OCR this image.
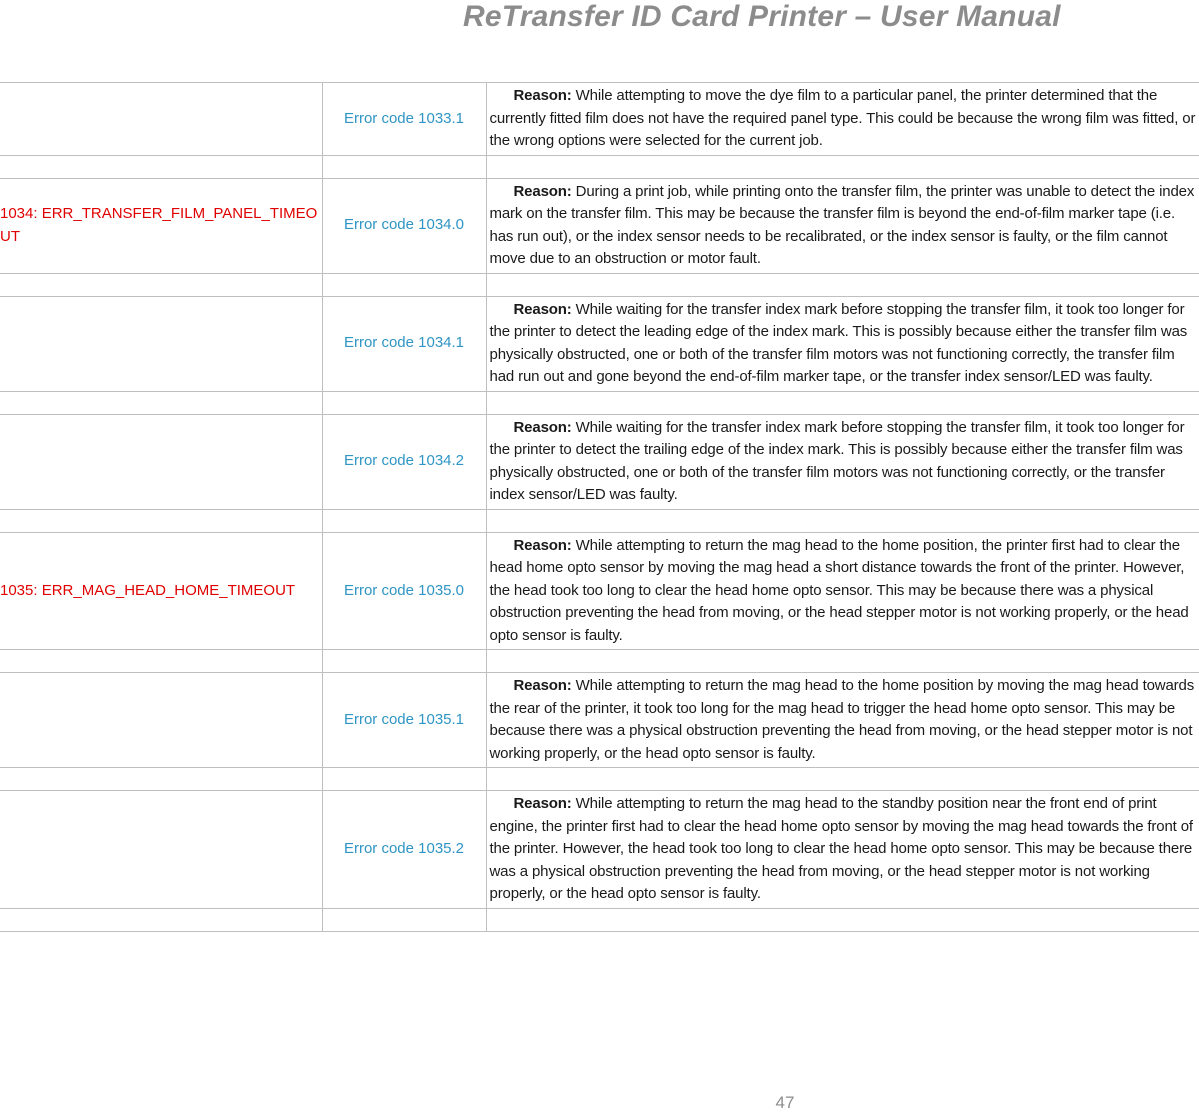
ReTransfer ID Card Printer – User Manual
	Error code 1033.1	Reason: While attempting to move the dye film to a particular panel, the printer determined that the currently fitted film does not have the required panel type. This could be because the wrong film was fitted, or the wrong options were selected for the current job.

1034: ERR_TRANSFER_FILM_PANEL_TIMEOUT	Error code 1034.0	Reason: During a print job, while printing onto the transfer film, the printer was unable to detect the index mark on the transfer film. This may be because the transfer film is beyond the end-of-film marker tape (i.e. has run out), or the index sensor needs to be recalibrated, or the index sensor is faulty, or the film cannot move due to an obstruction or motor fault.

	Error code 1034.1	Reason: While waiting for the transfer index mark before stopping the transfer film, it took too longer for the printer to detect the leading edge of the index mark. This is possibly because either the transfer film was physically obstructed, one or both of the transfer film motors was not functioning correctly, the transfer film had run out and gone beyond the end-of-film marker tape, or the transfer index sensor/LED was faulty.

	Error code 1034.2	Reason: While waiting for the transfer index mark before stopping the transfer film, it took too longer for the printer to detect the trailing edge of the index mark. This is possibly because either the transfer film was physically obstructed, one or both of the transfer film motors was not functioning correctly, or the transfer index sensor/LED was faulty.

1035: ERR_MAG_HEAD_HOME_TIMEOUT	Error code 1035.0	Reason: While attempting to return the mag head to the home position, the printer first had to clear the head home opto sensor by moving the mag head a short distance towards the front of the printer. However, the head took too long to clear the head home opto sensor. This may be because there was a physical obstruction preventing the head from moving, or the head stepper motor is not working properly, or the head opto sensor is faulty.

	Error code 1035.1	Reason: While attempting to return the mag head to the home position by moving the mag head towards the rear of the printer, it took too long for the mag head to trigger the head home opto sensor. This may be because there was a physical obstruction preventing the head from moving, or the head stepper motor is not working properly, or the head opto sensor is faulty.

	Error code 1035.2	Reason: While attempting to return the mag head to the standby position near the front end of print engine, the printer first had to clear the head home opto sensor by moving the mag head towards the front of the printer. However, the head took too long to clear the head home opto sensor. This may be because there was a physical obstruction preventing the head from moving, or the head stepper motor is not working properly, or the head opto sensor is faulty.

47
